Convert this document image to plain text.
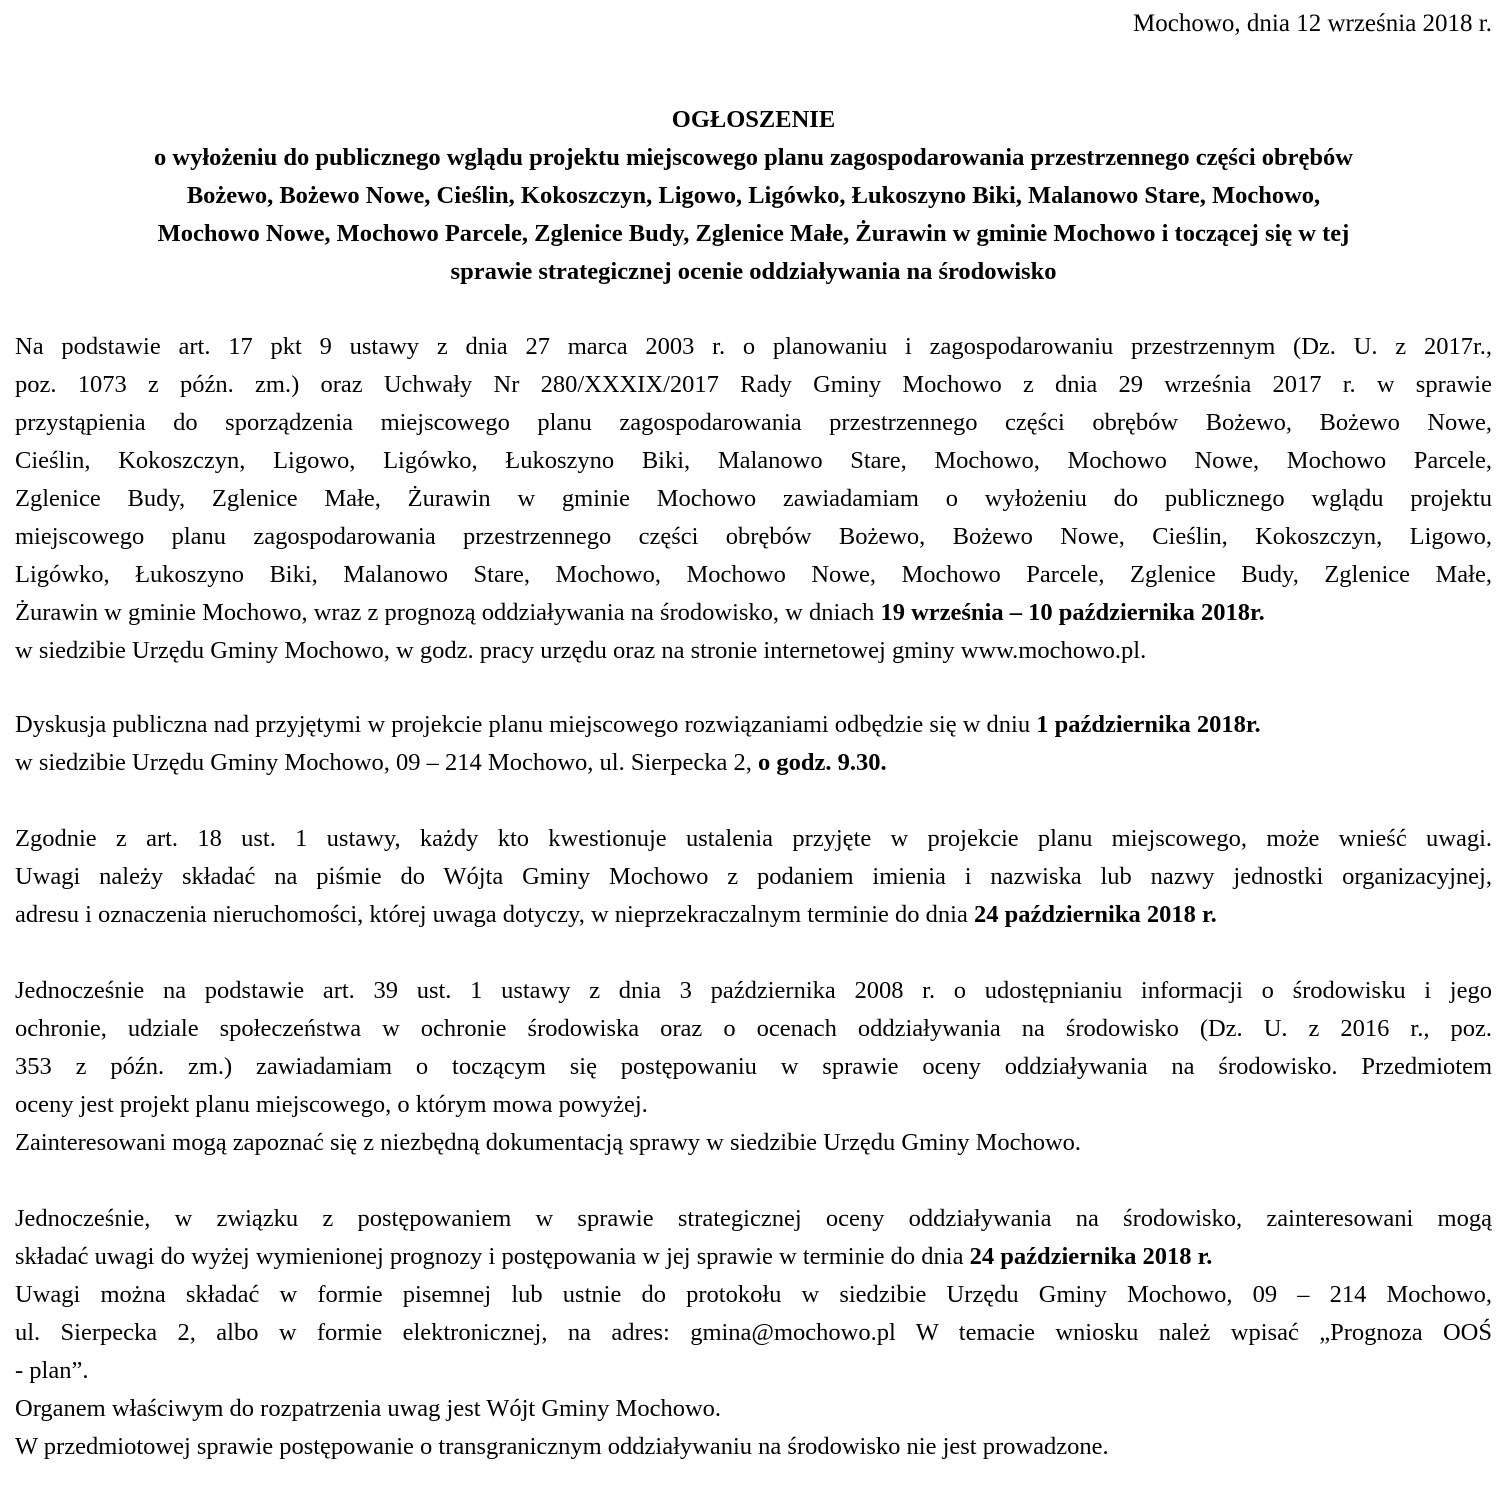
Mochowo, dnia 12 września 2018 r.
OGŁOSZENIE
o wyłożeniu do publicznego wglądu projektu miejscowego planu zagospodarowania przestrzennego części obrębów
Bożewo, Bożewo Nowe, Cieślin, Kokoszczyn, Ligowo, Ligówko, Łukoszyno Biki, Malanowo Stare, Mochowo,
Mochowo Nowe, Mochowo Parcele, Zglenice Budy, Zglenice Małe, Żurawin w gminie Mochowo i toczącej się w tej
sprawie strategicznej ocenie oddziaływania na środowisko
Na podstawie art. 17 pkt 9 ustawy z dnia 27 marca 2003 r. o planowaniu i zagospodarowaniu przestrzennym (Dz. U. z 2017r.,
poz. 1073 z późn. zm.) oraz Uchwały Nr 280/XXXIX/2017 Rady Gminy Mochowo z dnia 29 września 2017 r. w sprawie
przystąpienia do sporządzenia miejscowego planu zagospodarowania przestrzennego części obrębów Bożewo, Bożewo Nowe,
Cieślin, Kokoszczyn, Ligowo, Ligówko, Łukoszyno Biki, Malanowo Stare, Mochowo, Mochowo Nowe, Mochowo Parcele,
Zglenice Budy, Zglenice Małe, Żurawin w gminie Mochowo zawiadamiam o wyłożeniu do publicznego wglądu projektu
miejscowego planu zagospodarowania przestrzennego części obrębów Bożewo, Bożewo Nowe, Cieślin, Kokoszczyn, Ligowo,
Ligówko, Łukoszyno Biki, Malanowo Stare, Mochowo, Mochowo Nowe, Mochowo Parcele, Zglenice Budy, Zglenice Małe,
Żurawin w gminie Mochowo, wraz z prognozą oddziaływania na środowisko, w dniach 19 września – 10 października 2018r.
w siedzibie Urzędu Gminy Mochowo, w godz. pracy urzędu oraz na stronie internetowej gminy www.mochowo.pl.
Dyskusja publiczna nad przyjętymi w projekcie planu miejscowego rozwiązaniami odbędzie się w dniu 1 października 2018r.
w siedzibie Urzędu Gminy Mochowo, 09 – 214 Mochowo, ul. Sierpecka 2, o godz. 9.30.
Zgodnie z art. 18 ust. 1 ustawy, każdy kto kwestionuje ustalenia przyjęte w projekcie planu miejscowego, może wnieść uwagi.
Uwagi należy składać na piśmie do Wójta Gminy Mochowo z podaniem imienia i nazwiska lub nazwy jednostki organizacyjnej,
adresu i oznaczenia nieruchomości, której uwaga dotyczy, w nieprzekraczalnym terminie do dnia 24 października 2018 r.
Jednocześnie na podstawie art. 39 ust. 1 ustawy z dnia 3 października 2008 r. o udostępnianiu informacji o środowisku i jego
ochronie, udziale społeczeństwa w ochronie środowiska oraz o ocenach oddziaływania na środowisko (Dz. U. z 2016 r., poz.
353 z późn. zm.) zawiadamiam o toczącym się postępowaniu w sprawie oceny oddziaływania na środowisko. Przedmiotem
oceny jest projekt planu miejscowego, o którym mowa powyżej.
Zainteresowani mogą zapoznać się z niezbędną dokumentacją sprawy w siedzibie Urzędu Gminy Mochowo.
Jednocześnie, w związku z postępowaniem w sprawie strategicznej oceny oddziaływania na środowisko, zainteresowani mogą
składać uwagi do wyżej wymienionej prognozy i postępowania w jej sprawie w terminie do dnia 24 października 2018 r.
Uwagi można składać w formie pisemnej lub ustnie do protokołu w siedzibie Urzędu Gminy Mochowo, 09 – 214 Mochowo,
ul. Sierpecka 2, albo w formie elektronicznej, na adres: gmina@mochowo.pl W temacie wniosku należ wpisać „Prognoza OOŚ
- plan”.
Organem właściwym do rozpatrzenia uwag jest Wójt Gminy Mochowo.
W przedmiotowej sprawie postępowanie o transgranicznym oddziaływaniu na środowisko nie jest prowadzone.
